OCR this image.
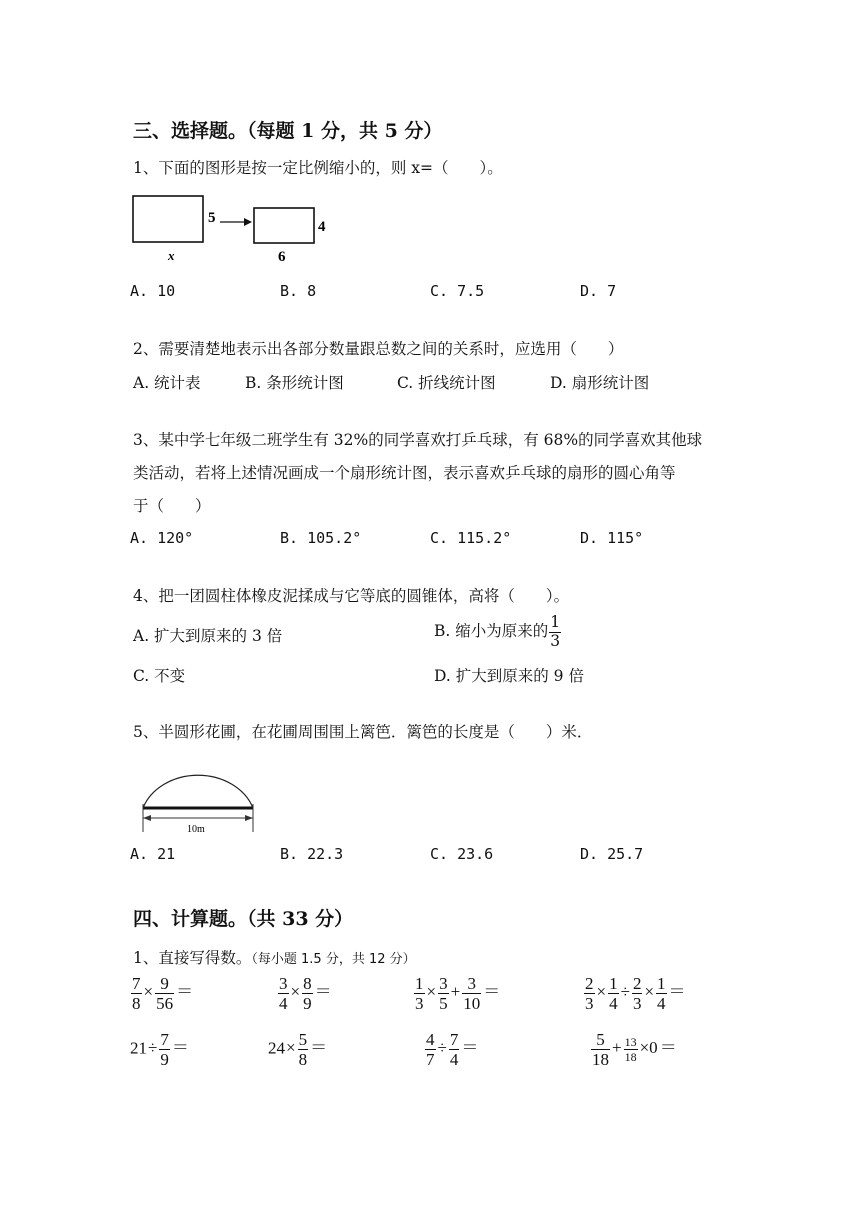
三、选择题。（每题 1 分，共 5 分）
1、下面的图形是按一定比例缩小的，则 x=（　　）。
5
4
x	6
A. 10	B. 8	C. 7.5	D. 7
2、需要清楚地表示出各部分数量跟总数之间的关系时，应选用（　　）
A. 统计表	B. 条形统计图	C. 折线统计图	D. 扇形统计图
3、某中学七年级二班学生有 32%的同学喜欢打乒乓球，有 68%的同学喜欢其他球
类活动，若将上述情况画成一个扇形统计图，表示喜欢乒乓球的扇形的圆心角等
于（　　）
A. 120°	B. 105.2°	C. 115.2°	D. 115°
4、把一团圆柱体橡皮泥揉成与它等底的圆锥体，高将（　　）。
A. 扩大到原来的 3 倍	B. 缩小为原来的 $\frac{1}{3}$
C. 不变	D. 扩大到原来的 9 倍
5、半圆形花圃，在花圃周围围上篱笆．篱笆的长度是（　　）米．
10m
A. 21	B. 22.3	C. 23.6	D. 25.7
四、计算题。（共 33 分）
1、直接写得数。（每小题 1.5 分，共 12 分）
$\frac{7}{8} \times \frac{9}{56}$ ＝	$\frac{3}{4} \times \frac{8}{9}$ ＝	$\frac{1}{3} \times \frac{3}{5} + \frac{3}{10}$ ＝	$\frac{2}{3} \times \frac{1}{4} \div \frac{2}{3} \times \frac{1}{4}$ ＝
$21\div \frac{7}{9}$ ＝	$24\times \frac{5}{8}$ ＝	$\frac{4}{7} \div \frac{7}{4}$ ＝	$\frac{5}{18} + \frac{13}{18} \times 0$ ＝
